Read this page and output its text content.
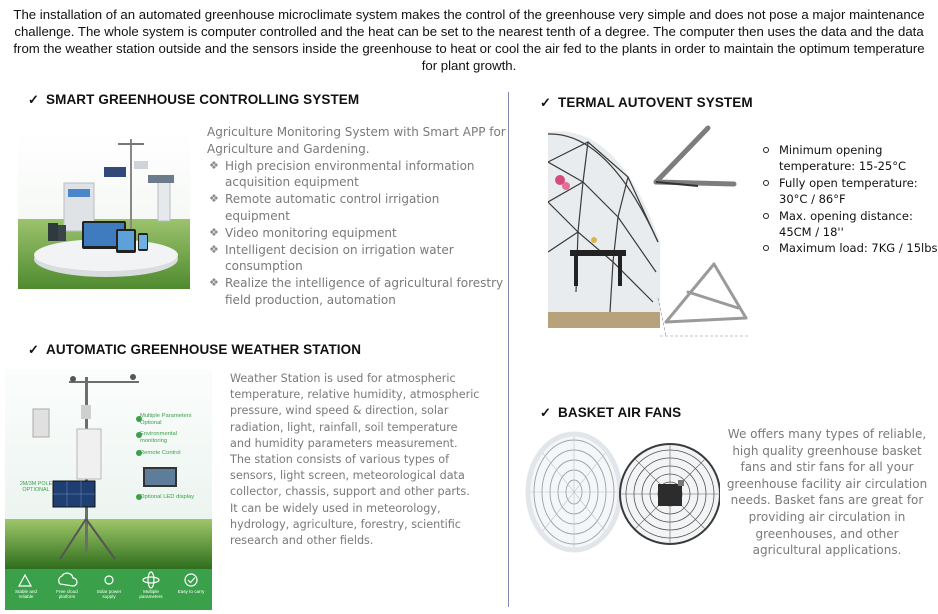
The installation of an automated greenhouse microclimate system makes the control of the greenhouse very simple and does not pose a major maintenance challenge. The whole system is computer controlled and the heat can be set to the nearest tenth of a degree. The computer then uses the data and the data from the weather station outside and the sensors inside the greenhouse to heat or cool the air fed to the plants in order to maintain the optimum temperature for plant growth.

✓ SMART GREENHOUSE CONTROLLING SYSTEM

Agriculture Monitoring System with Smart APP for Agriculture and Gardening.

❖ High precision environmental information acquisition equipment
❖ Remote automatic control irrigation equipment
❖ Video monitoring equipment
❖ Intelligent decision on irrigation water consumption
❖ Realize the intelligence of agricultural forestry field production, automation
✓ AUTOMATIC GREENHOUSE WEATHER STATION
Multiple Parameters Optional
Environmental monitoring
Remote Control
Optional LED display
2M/3M POLE OPTIONAL
Stable and reliable
Free cloud platform
Solar power supply
Multiple parameters
Easy to carry

Weather Station is used for atmospheric temperature, relative humidity, atmospheric pressure, wind speed & direction, solar radiation, light, rainfall, soil temperature and humidity parameters measurement. The station consists of various types of sensors, light screen, meteorological data collector, chassis, support and other parts. It can be widely used in meteorology, hydrology, agriculture, forestry, scientific research and other fields.

✓ TERMAL AUTOVENT SYSTEM
Minimum opening temperature: 15-25°C
Fully open temperature: 30°C / 86°F
Max. opening distance: 45CM / 18''
Maximum load: 7KG / 15lbs
✓ BASKET AIR FANS

We offers many types of reliable, high quality greenhouse basket fans and stir fans for all your greenhouse facility air circulation needs. Basket fans are great for providing air circulation in greenhouses, and other agricultural applications.
